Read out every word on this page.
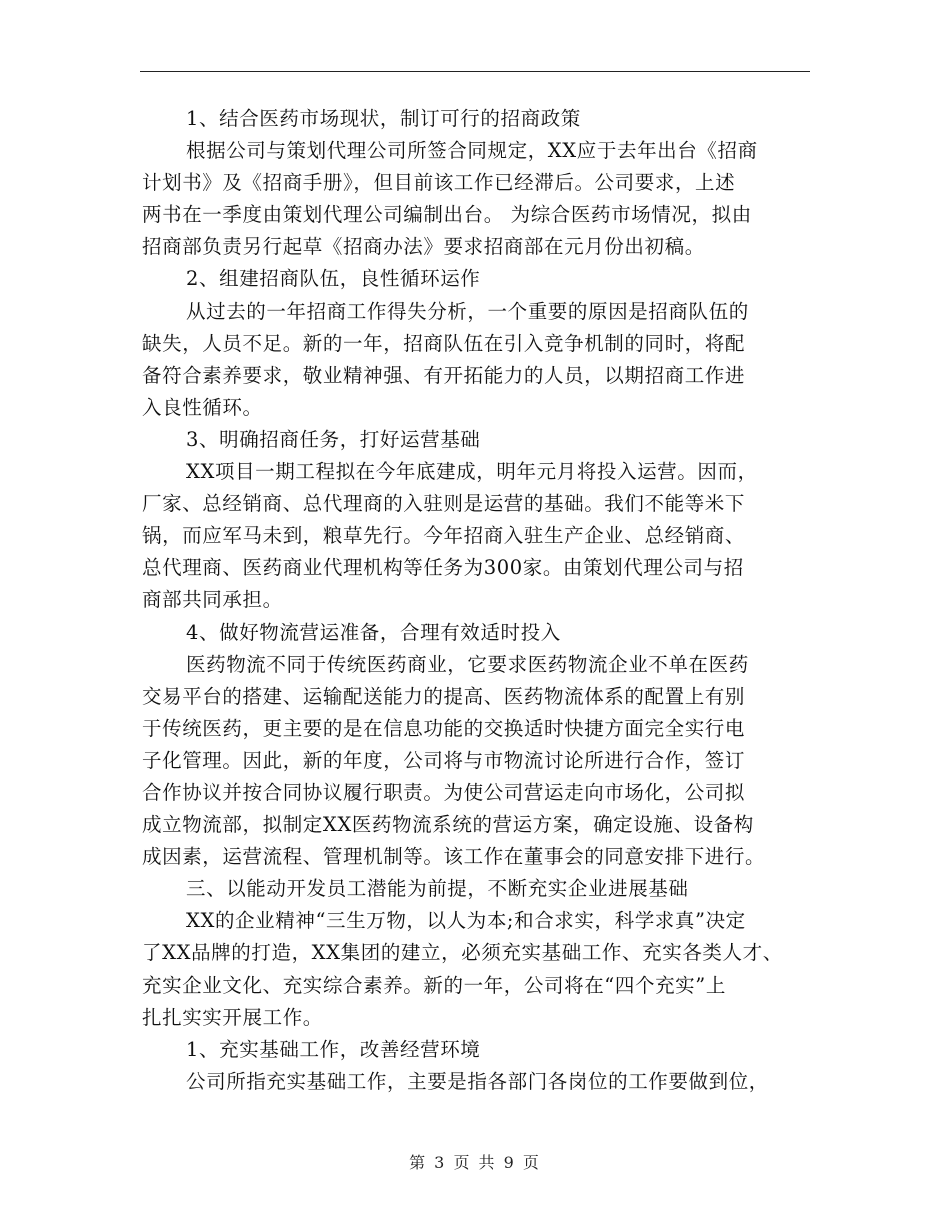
1、结合医药市场现状，制订可行的招商政策
根据公司与策划代理公司所签合同规定，XX应于去年出台《招商
计划书》及《招商手册》，但目前该工作已经滞后。公司要求，上述
两书在一季度由策划代理公司编制出台。 为综合医药市场情况，拟由
招商部负责另行起草《招商办法》要求招商部在元月份出初稿。
2、组建招商队伍，良性循环运作
从过去的一年招商工作得失分析，一个重要的原因是招商队伍的
缺失，人员不足。新的一年，招商队伍在引入竞争机制的同时，将配
备符合素养要求，敬业精神强、有开拓能力的人员，以期招商工作进
入良性循环。
3、明确招商任务，打好运营基础
XX项目一期工程拟在今年底建成，明年元月将投入运营。因而，
厂家、总经销商、总代理商的入驻则是运营的基础。我们不能等米下
锅，而应军马未到，粮草先行。今年招商入驻生产企业、总经销商、
总代理商、医药商业代理机构等任务为300家。由策划代理公司与招
商部共同承担。
4、做好物流营运准备，合理有效适时投入
医药物流不同于传统医药商业，它要求医药物流企业不单在医药
交易平台的搭建、运输配送能力的提高、医药物流体系的配置上有别
于传统医药，更主要的是在信息功能的交换适时快捷方面完全实行电
子化管理。因此，新的年度，公司将与市物流讨论所进行合作，签订
合作协议并按合同协议履行职责。为使公司营运走向市场化，公司拟
成立物流部，拟制定XX医药物流系统的营运方案，确定设施、设备构
成因素，运营流程、管理机制等。该工作在董事会的同意安排下进行。
三、以能动开发员工潜能为前提，不断充实企业进展基础
XX的企业精神“三生万物，以人为本;和合求实，科学求真”决定
了XX品牌的打造，XX集团的建立，必须充实基础工作、充实各类人才、
充实企业文化、充实综合素养。新的一年，公司将在“四个充实”上
扎扎实实开展工作。
1、充实基础工作，改善经营环境
公司所指充实基础工作，主要是指各部门各岗位的工作要做到位，
第 3 页 共 9 页
